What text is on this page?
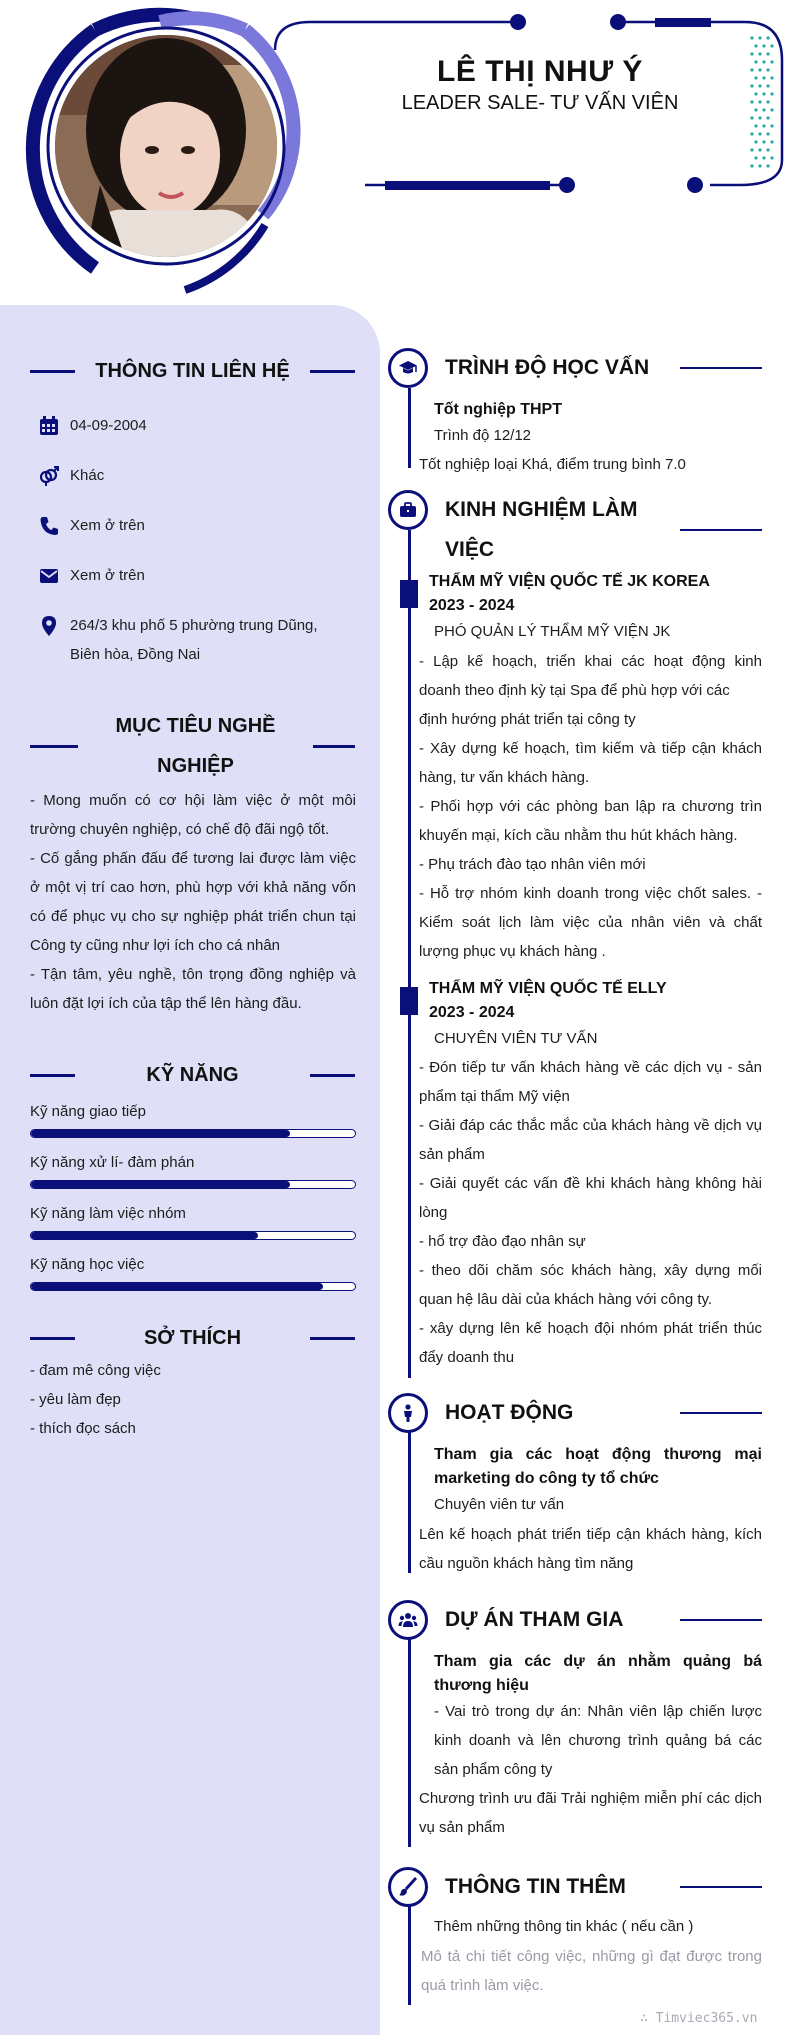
LÊ THỊ NHƯ Ý
LEADER SALE- TƯ VẤN VIÊN
THÔNG TIN LIÊN HỆ
04-09-2004
Khác
Xem ở trên
Xem ở trên
264/3 khu phố 5 phường trung Dũng, Biên hòa, Đồng Nai
MỤC TIÊU NGHỀ
NGHIỆP
- Mong muốn có cơ hội làm việc ở một môi trường chuyên nghiệp, có chế độ đãi ngộ tốt.
- Cố gắng phấn đấu để tương lai được làm việc ở một vị trí cao hơn, phù hợp với khả năng vốn có để phục vụ cho sự nghiệp phát triển chun tại Công ty cũng như lợi ích cho cá nhân
- Tận tâm, yêu nghề, tôn trọng đồng nghiệp và luôn đặt lợi ích của tập thể lên hàng đầu.
KỸ NĂNG
Kỹ năng giao tiếp
Kỹ năng xử lí- đàm phán
Kỹ năng làm việc nhóm
Kỹ năng học việc
SỞ THÍCH
- đam mê công việc
- yêu làm đẹp
- thích đọc sách
TRÌNH ĐỘ HỌC VẤN
Tốt nghiệp THPT
Trình độ 12/12
Tốt nghiệp loại Khá, điểm trung bình 7.0
KINH NGHIỆM LÀM
VIỆC
THẨM MỸ VIỆN QUỐC TẾ JK KOREA
2023 - 2024
PHÓ QUẢN LÝ THẨM MỸ VIỆN JK
- Lập kế hoạch, triển khai các hoạt động kinh doanh theo định kỳ tại Spa để phù hợp với các
định hướng phát triển tại công ty
- Xây dựng kế hoạch, tìm kiếm và tiếp cận khách hàng, tư vấn khách hàng.
- Phối hợp với các phòng ban lập ra chương trìn khuyến mại, kích cầu nhằm thu hút khách hàng.
- Phụ trách đào tạo nhân viên mới
- Hỗ trợ nhóm kinh doanh trong việc chốt sales. - Kiểm soát lịch làm việc của nhân viên và chất lượng phục vụ khách hàng .
THẨM MỸ VIỆN QUỐC TẾ ELLY
2023 - 2024
CHUYÊN VIÊN TƯ VẤN
- Đón tiếp tư vấn khách hàng về các dịch vụ - sản phẩm tại thẩm Mỹ viện
- Giải đáp các thắc mắc của khách hàng về dịch vụ sản phẩm
- Giải quyết các vấn đề khi khách hàng không hài lòng
- hổ trợ đào đạo nhân sự
- theo dõi chăm sóc khách hàng, xây dựng mối quan hệ lâu dài của khách hàng với công ty.
- xây dựng lên kế hoạch đội nhóm phát triển thúc đẩy doanh thu
HOẠT ĐỘNG
Tham gia các hoạt động thương mại marketing do công ty tổ chức
Chuyên viên tư vấn
Lên kế hoạch phát triển tiếp cận khách hàng, kích cầu nguồn khách hàng tìm năng
DỰ ÁN THAM GIA
Tham gia các dự án nhằm quảng bá thương hiệu
- Vai trò trong dự án: Nhân viên lập chiến lược kinh doanh và lên chương trình quảng bá các sản phẩm công ty
Chương trình ưu đãi Trải nghiệm miễn phí các dịch vụ sản phẩm
THÔNG TIN THÊM
Thêm những thông tin khác ( nếu cần )
Mô tả chi tiết công việc, những gì đạt được trong quá trình làm việc.
∴ Timviec365.vn
